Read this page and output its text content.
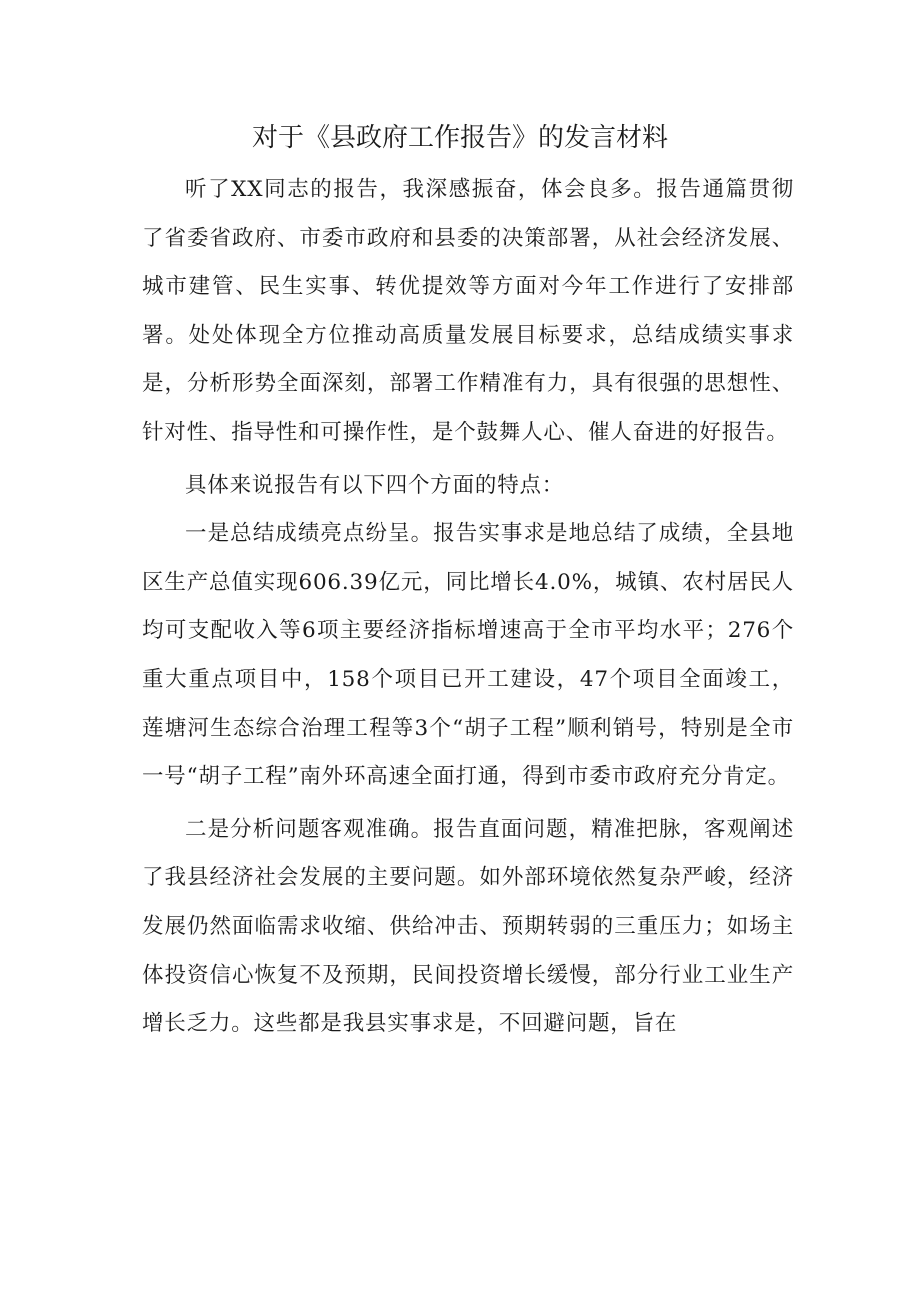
对于《县政府工作报告》的发言材料

听了XX同志的报告，我深感振奋，体会良多。报告通篇贯彻了省委省政府、市委市政府和县委的决策部署，从社会经济发展、城市建管、民生实事、转优提效等方面对今年工作进行了安排部署。处处体现全方位推动高质量发展目标要求，总结成绩实事求是，分析形势全面深刻，部署工作精准有力，具有很强的思想性、针对性、指导性和可操作性，是个鼓舞人心、催人奋进的好报告。

具体来说报告有以下四个方面的特点：

一是总结成绩亮点纷呈。报告实事求是地总结了成绩，全县地区生产总值实现606.39亿元，同比增长4.0%，城镇、农村居民人均可支配收入等6项主要经济指标增速高于全市平均水平；276个重大重点项目中，158个项目已开工建设，47个项目全面竣工，莲塘河生态综合治理工程等3个“胡子工程”顺利销号，特别是全市一号“胡子工程”南外环高速全面打通，得到市委市政府充分肯定。

二是分析问题客观准确。报告直面问题，精准把脉，客观阐述了我县经济社会发展的主要问题。如外部环境依然复杂严峻，经济发展仍然面临需求收缩、供给冲击、预期转弱的三重压力；如场主体投资信心恢复不及预期，民间投资增长缓慢，部分行业工业生产增长乏力。这些都是我县实事求是，不回避问题，旨在
